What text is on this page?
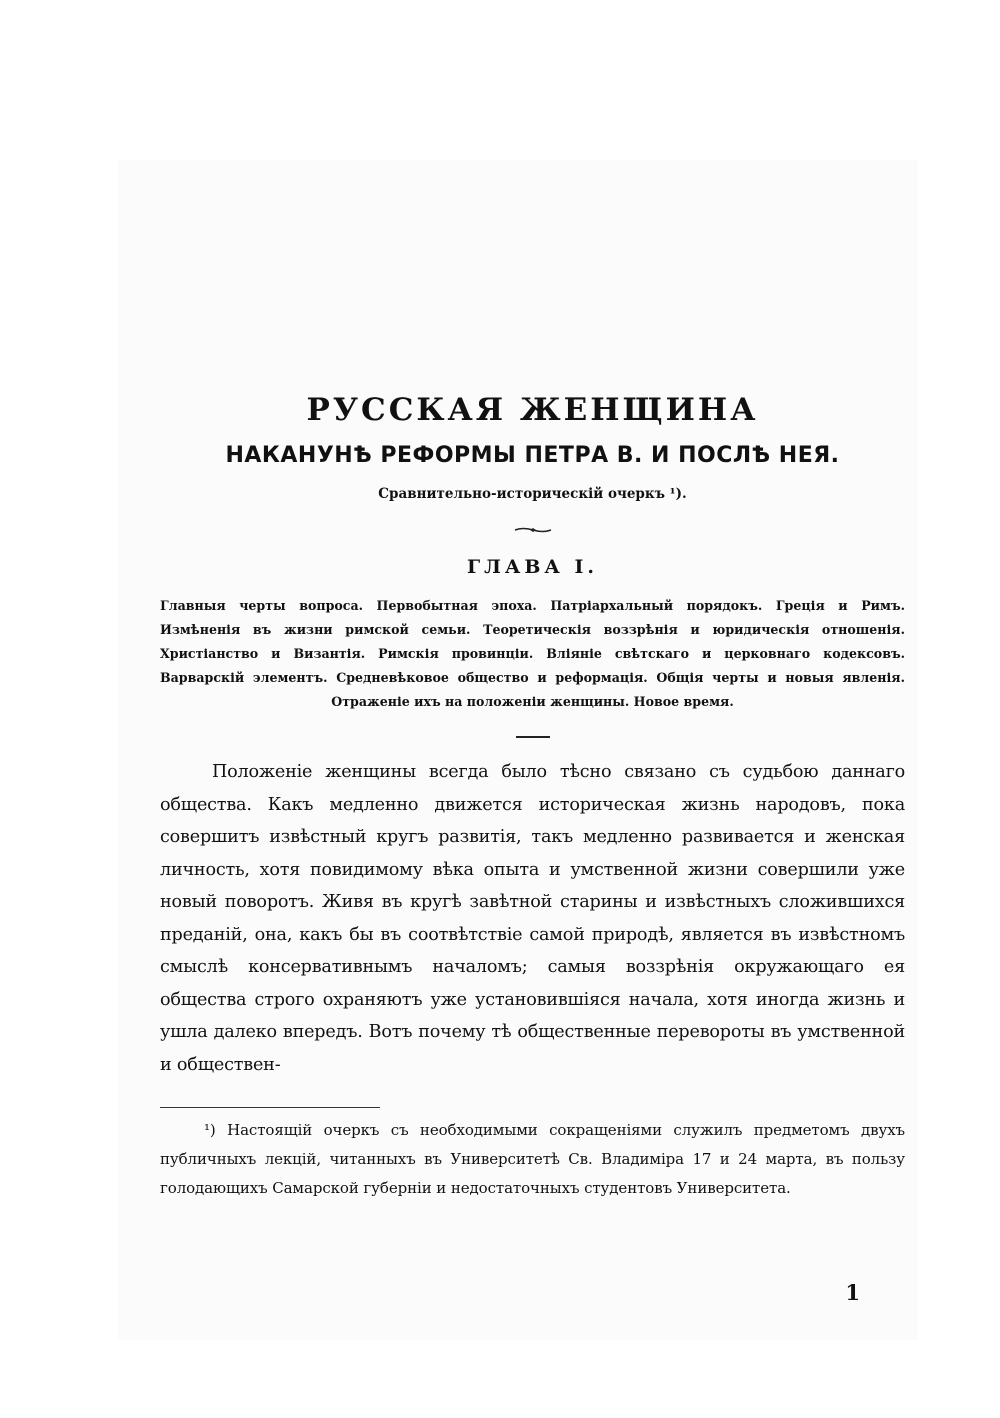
РУССКАЯ ЖЕНЩИНА
НАКАНУНѢ РЕФОРМЫ ПЕТРА В. И ПОСЛѢ НЕЯ.
Сравнительно-историческій очеркъ ¹).
ГЛАВА I.

Главныя черты вопроса. Первобытная эпоха. Патріархальный порядокъ. Греція и Римъ. Измѣненія въ жизни римской семьи. Теоретическія воззрѣнія и юридическія отношенія. Христіанство и Византія. Римскія провинціи. Вліяніе свѣтскаго и церковнаго кодексовъ. Варварскій элементъ. Средневѣковое общество и реформація. Общія черты и новыя явленія. Отраженіе ихъ на положеніи женщины. Новое время.

Положеніе женщины всегда было тѣсно связано съ судьбою даннаго общества. Какъ медленно движется историческая жизнь народовъ, пока совершитъ извѣстный кругъ развитія, такъ медленно развивается и женская личность, хотя повидимому вѣка опыта и умственной жизни совершили уже новый поворотъ. Живя въ кругѣ завѣтной старины и извѣстныхъ сложившихся преданій, она, какъ бы въ соотвѣтствіе самой природѣ, является въ извѣстномъ смыслѣ консервативнымъ началомъ; самыя воззрѣнія окружающаго ея общества строго охраняютъ уже установившіяся начала, хотя иногда жизнь и ушла далеко впередъ. Вотъ почему тѣ общественные перевороты въ умственной и обществен-

¹) Настоящій очеркъ съ необходимыми сокращеніями служилъ предметомъ двухъ публичныхъ лекцій, читанныхъ въ Университетѣ Св. Владиміра 17 и 24 марта, въ пользу голодающихъ Самарской губерніи и недостаточныхъ студентовъ Университета.

1
